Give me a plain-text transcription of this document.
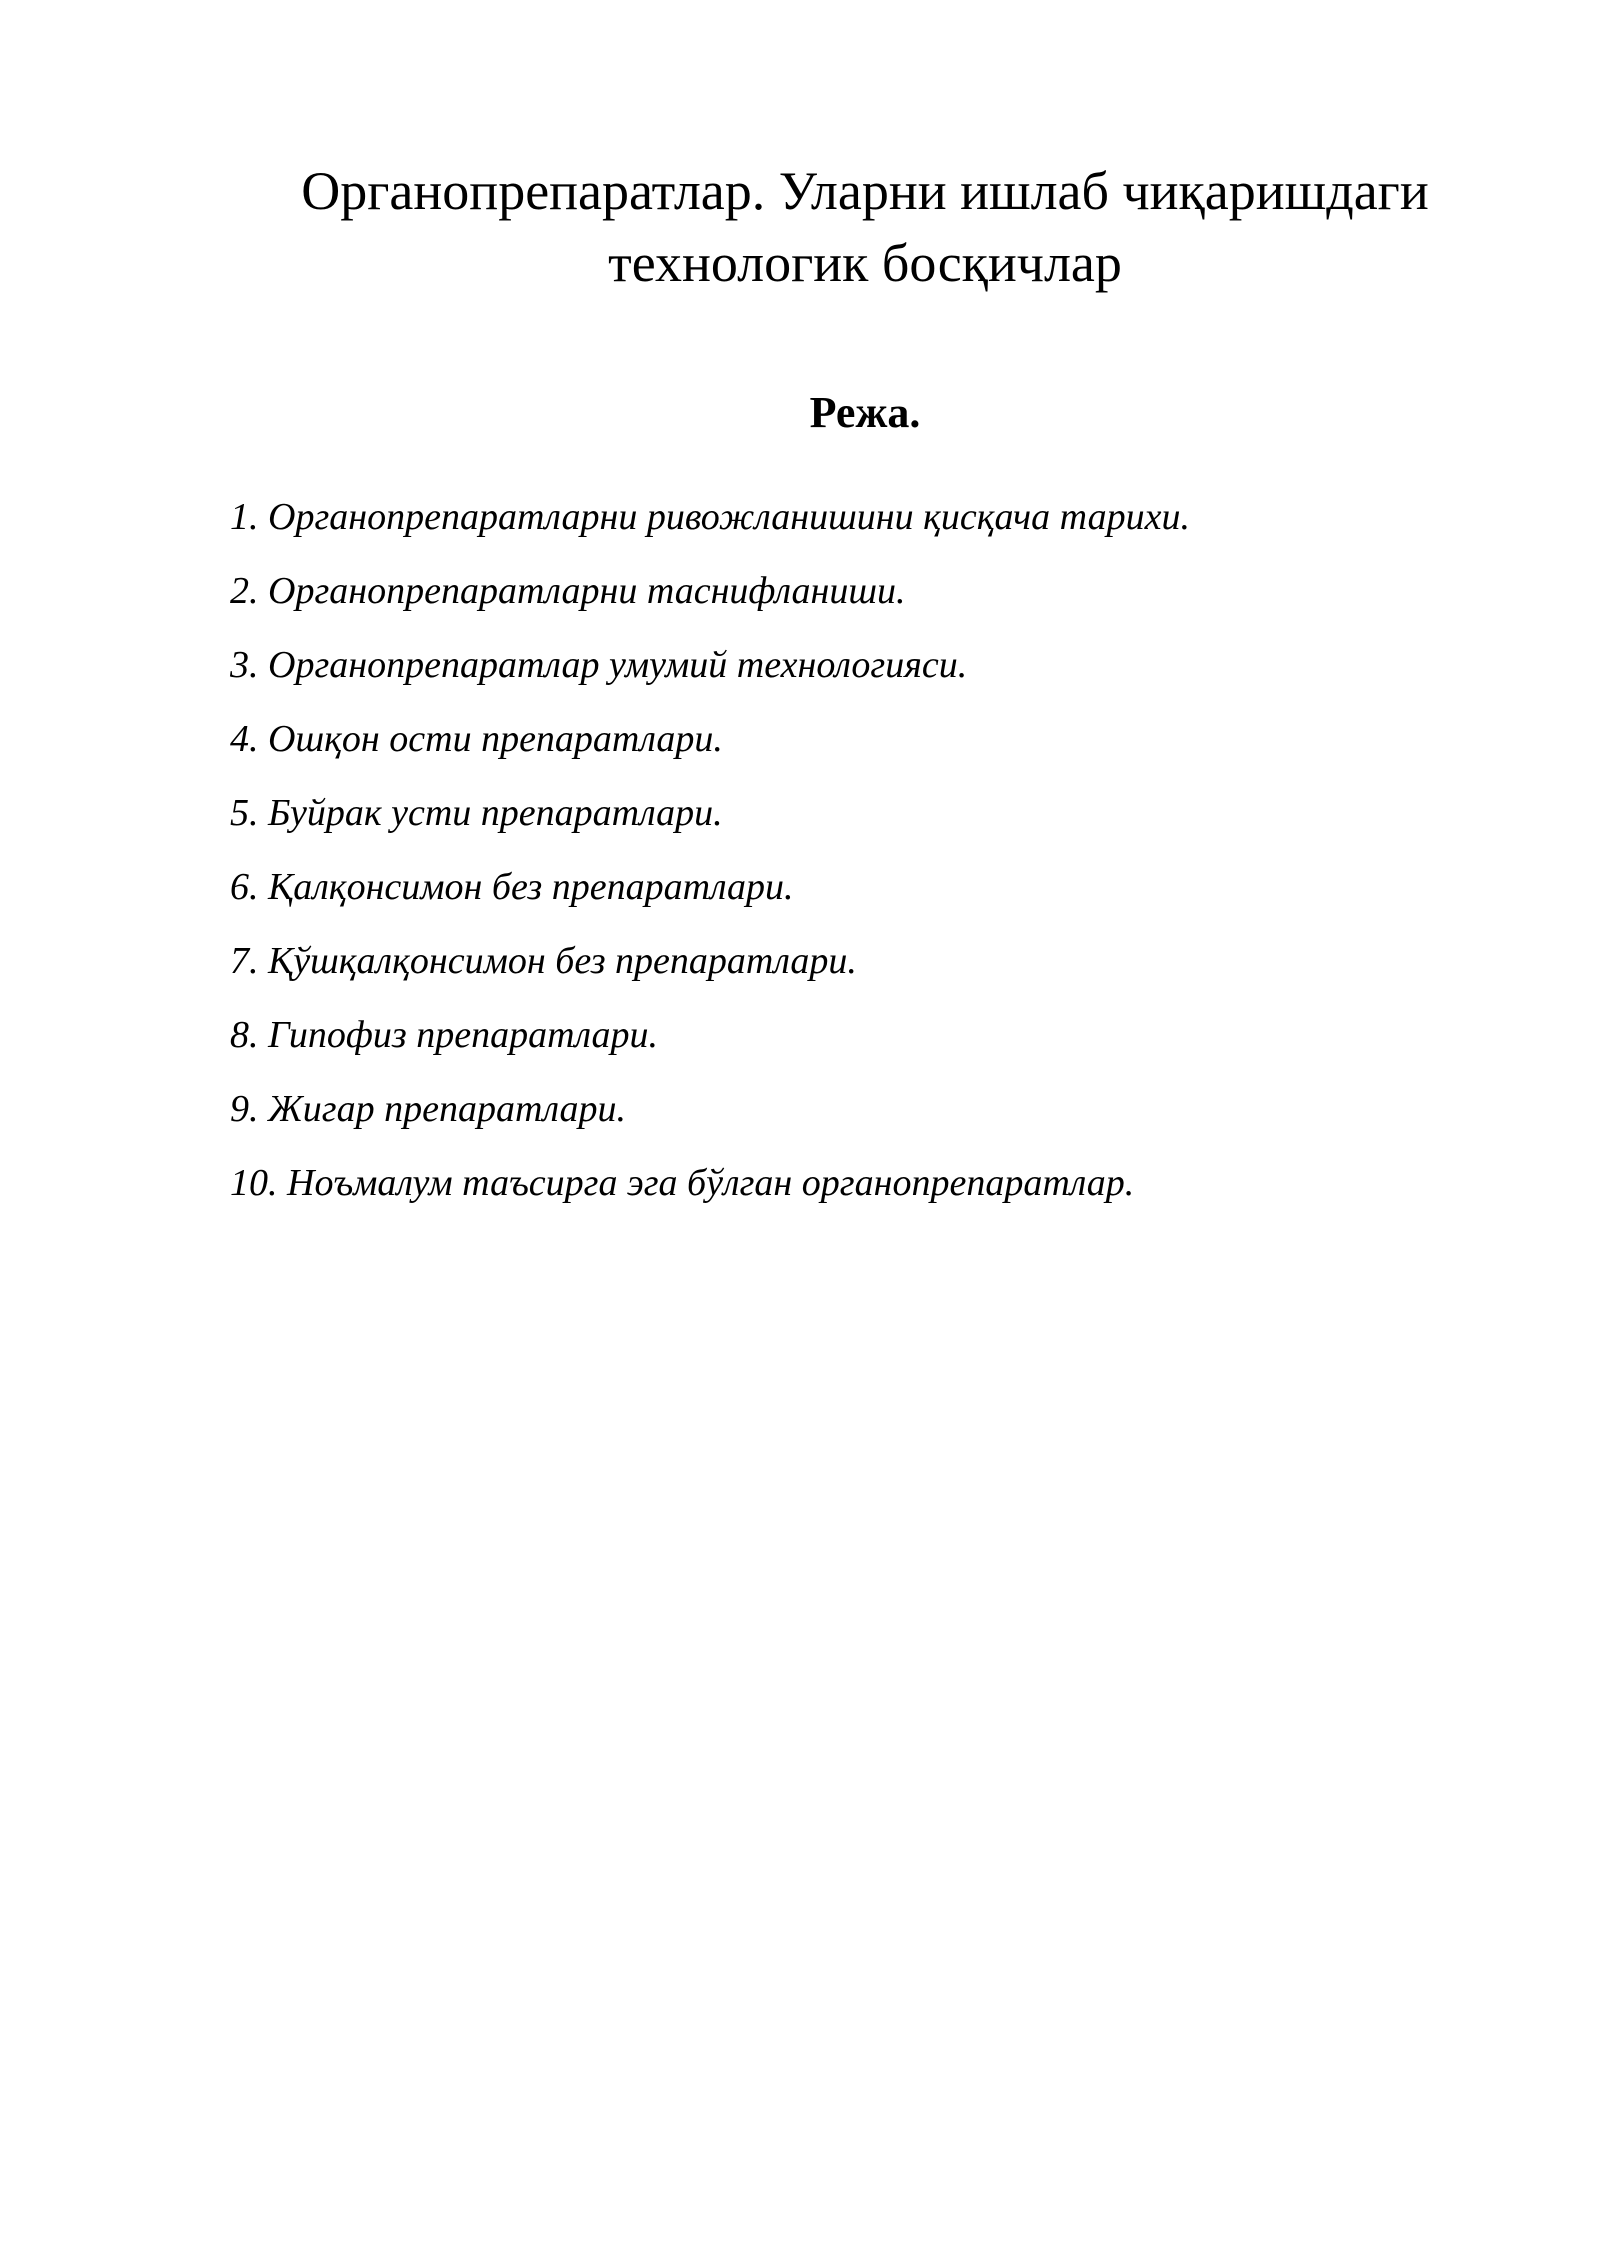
Органопрепаратлар. Уларни ишлаб чиқаришдаги
технологик босқичлар
Режа.
1. Органопрепаратларни ривожланишини қисқача тарихи.
2. Органопрепаратларни таснифланиши.
3. Органопрепаратлар умумий технологияси.
4. Ошқон ости препаратлари.
5. Буйрак усти препаратлари.
6. Қалқонсимон без препаратлари.
7. Қўшқалқонсимон без препаратлари.
8. Гипофиз препаратлари.
9. Жигар препаратлари.
10. Ноъмалум таъсирга эга бўлган органопрепаратлар.
